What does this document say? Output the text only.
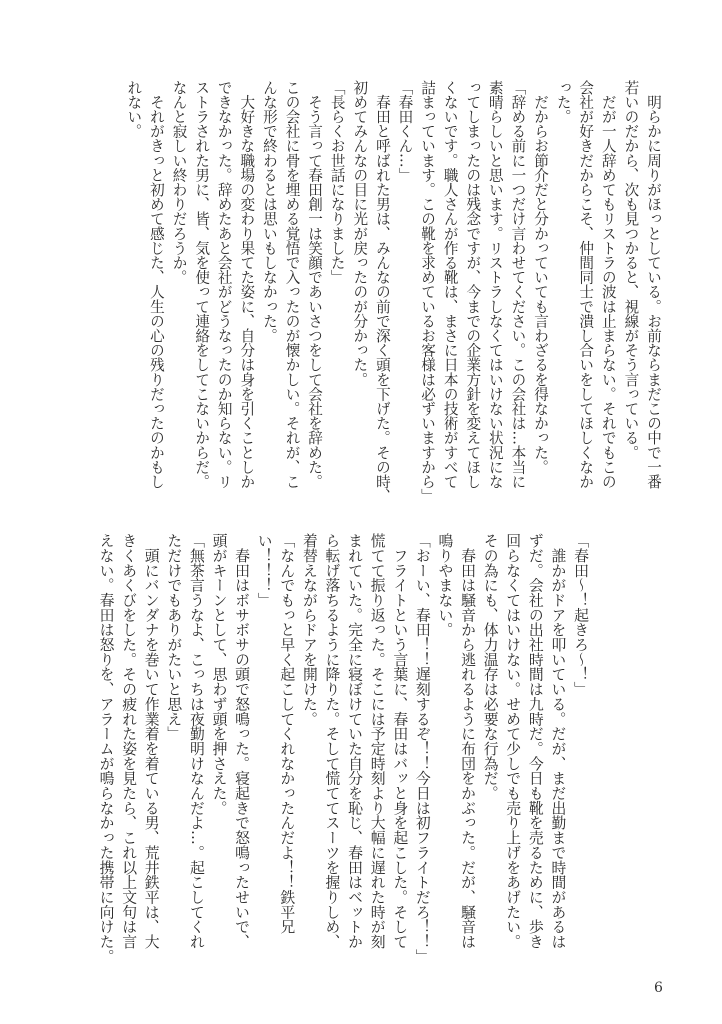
　明らかに周りがほっとしている。お前ならまだこの中で一番
若いのだから、次も見つかると、視線がそう言っている。
　だが一人辞めてもリストラの波は止まらない。それでもこの
会社が好きだからこそ、仲間同士で潰し合いをしてほしくなか
った。
　だからお節介だと分かっていても言わざるを得なかった。
「辞める前に一つだけ言わせてください。この会社は…本当に
素晴らしいと思います。リストラしなくてはいけない状況にな
ってしまったのは残念ですが、今までの企業方針を変えてほし
くないです。職人さんが作る靴は、まさに日本の技術がすべて
詰まっています。この靴を求めているお客様は必ずいますから」
「春田くん…」
　春田と呼ばれた男は、みんなの前で深く頭を下げた。その時、
初めてみんなの目に光が戻ったのが分かった。
「長らくお世話になりました」
　そう言って春田創一は笑顔であいさつをして会社を辞めた。
この会社に骨を埋める覚悟で入ったのが懐かしい。それが、こ
んな形で終わるとは思いもしなかった。
　大好きな職場の変わり果てた姿に、自分は身を引くことしか
できなかった。辞めたあと会社がどうなったのか知らない。リ
ストラされた男に、皆、気を使って連絡をしてこないからだ。
なんと寂しい終わりだろうか。
　それがきっと初めて感じた、人生の心の残りだったのかもし
れない。
「春田〜！起きろ〜！」
　誰かがドアを叩いている。だが、まだ出勤まで時間があるは
ずだ。会社の出社時間は九時だ。今日も靴を売るために、歩き
回らなくてはいけない。せめて少しでも売り上げをあげたい。
その為にも、体力温存は必要な行為だ。
　春田は騒音から逃れるように布団をかぶった。だが、騒音は
鳴りやまない。
「おーい、春田！！遅刻するぞ！！今日は初フライトだろ！！」
　フライトという言葉に、春田はバッと身を起こした。そして
慌てて振り返った。そこには予定時刻より大幅に遅れた時が刻
まれていた。完全に寝ぼけていた自分を恥じ、春田はベットか
ら転げ落ちるように降りた。そして慌ててスーツを握りしめ、
着替えながらドアを開けた。
「なんでもっと早く起こしてくれなかったんだよ！！鉄平兄
い！！！」
　春田はボサボサの頭で怒鳴った。寝起きで怒鳴ったせいで、
頭がキーンとして、思わず頭を押さえた。
「無茶言うなよ、こっちは夜勤明けなんだよ…。起こしてくれ
ただけでもありがたいと思え」
　頭にバンダナを巻いて作業着を着ている男、荒井鉄平は、大
きくあくびをした。その疲れた姿を見たら、これ以上文句は言
えない。春田は怒りを、アラームが鳴らなかった携帯に向けた。
6
